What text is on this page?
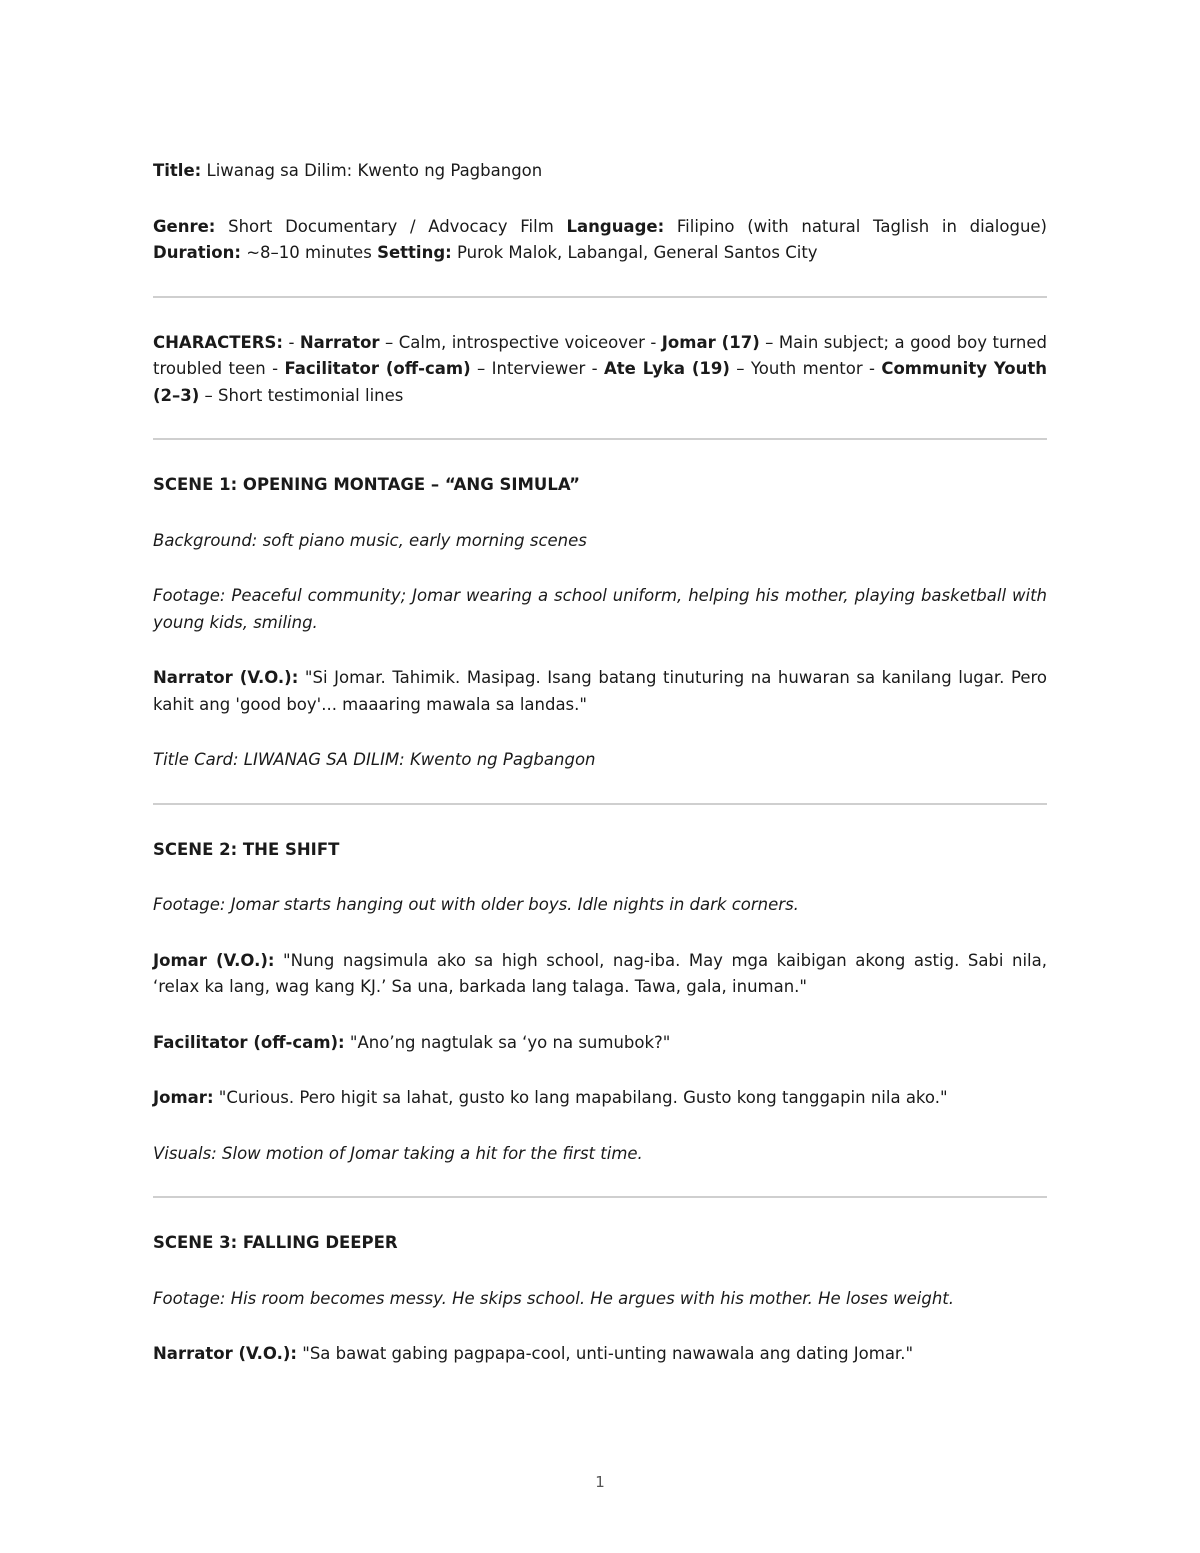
Title: Liwanag sa Dilim: Kwento ng Pagbangon

Genre: Short Documentary / Advocacy Film Language: Filipino (with natural Taglish in dialogue) Duration: ~8–10 minutes Setting: Purok Malok, Labangal, General Santos City

CHARACTERS: - Narrator – Calm, introspective voiceover - Jomar (17) – Main subject; a good boy turned troubled teen - Facilitator (off-cam) – Interviewer - Ate Lyka (19) – Youth mentor - Community Youth (2–3) – Short testimonial lines

SCENE 1: OPENING MONTAGE – “ANG SIMULA”

Background: soft piano music, early morning scenes

Footage: Peaceful community; Jomar wearing a school uniform, helping his mother, playing basketball with young kids, smiling.

Narrator (V.O.): "Si Jomar. Tahimik. Masipag. Isang batang tinuturing na huwaran sa kanilang lugar. Pero kahit ang 'good boy'... maaaring mawala sa landas."

Title Card: LIWANAG SA DILIM: Kwento ng Pagbangon

SCENE 2: THE SHIFT

Footage: Jomar starts hanging out with older boys. Idle nights in dark corners.

Jomar (V.O.): "Nung nagsimula ako sa high school, nag-iba. May mga kaibigan akong astig. Sabi nila, ‘relax ka lang, wag kang KJ.’ Sa una, barkada lang talaga. Tawa, gala, inuman."

Facilitator (off-cam): "Ano’ng nagtulak sa ‘yo na sumubok?"

Jomar: "Curious. Pero higit sa lahat, gusto ko lang mapabilang. Gusto kong tanggapin nila ako."

Visuals: Slow motion of Jomar taking a hit for the first time.

SCENE 3: FALLING DEEPER

Footage: His room becomes messy. He skips school. He argues with his mother. He loses weight.

Narrator (V.O.): "Sa bawat gabing pagpapa-cool, unti-unting nawawala ang dating Jomar."

1
